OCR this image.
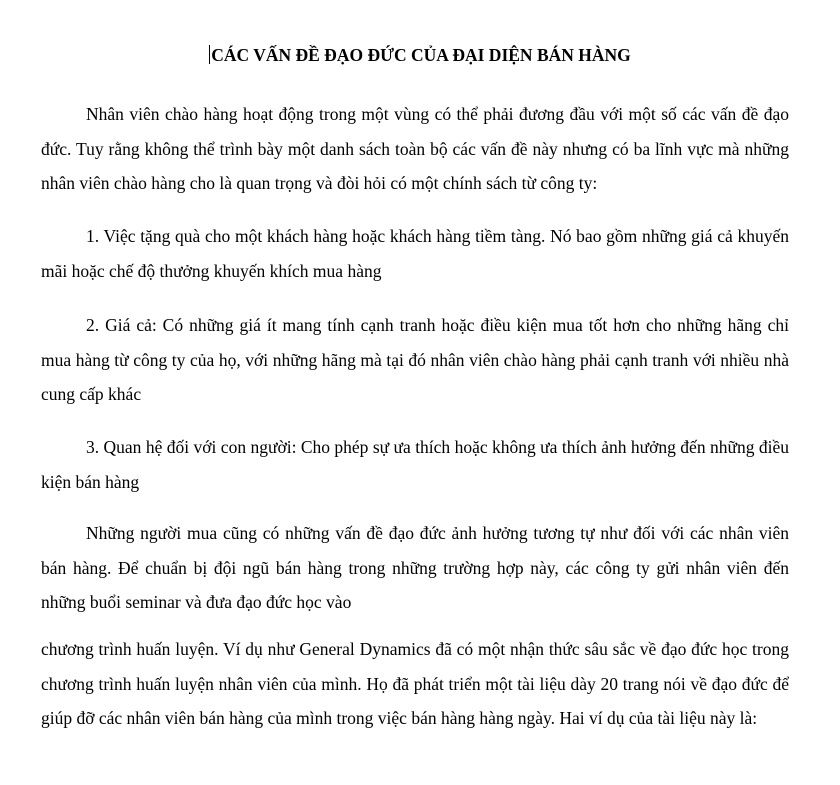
CÁC VẤN ĐỀ ĐẠO ĐỨC CỦA ĐẠI DIỆN BÁN HÀNG

Nhân viên chào hàng hoạt động trong một vùng có thể phải đương đầu với một số các vấn đề đạo đức. Tuy rằng không thể trình bày một danh sách toàn bộ các vấn đề này nhưng có ba lĩnh vực mà những nhân viên chào hàng cho là quan trọng và đòi hỏi có một chính sách từ công ty:

1. Việc tặng quà cho một khách hàng hoặc khách hàng tiềm tàng. Nó bao gồm những giá cả khuyến mãi hoặc chế độ thưởng khuyến khích mua hàng

2. Giá cả: Có những giá ít mang tính cạnh tranh hoặc điều kiện mua tốt hơn cho những hãng chỉ mua hàng từ công ty của họ, với những hãng mà tại đó nhân viên chào hàng phải cạnh tranh với nhiều nhà cung cấp khác

3. Quan hệ đối với con người: Cho phép sự ưa thích hoặc không ưa thích ảnh hưởng đến những điều kiện bán hàng

Những người mua cũng có những vấn đề đạo đức ảnh hưởng tương tự như đối với các nhân viên bán hàng. Để chuẩn bị đội ngũ bán hàng trong những trường hợp này, các công ty gửi nhân viên đến những buổi seminar và đưa đạo đức học vào

chương trình huấn luyện. Ví dụ như General Dynamics đã có một nhận thức sâu sắc về đạo đức học trong chương trình huấn luyện nhân viên của mình. Họ đã phát triển một tài liệu dày 20 trang nói về đạo đức để giúp đỡ các nhân viên bán hàng của mình trong việc bán hàng hàng ngày. Hai ví dụ của tài liệu này là:
